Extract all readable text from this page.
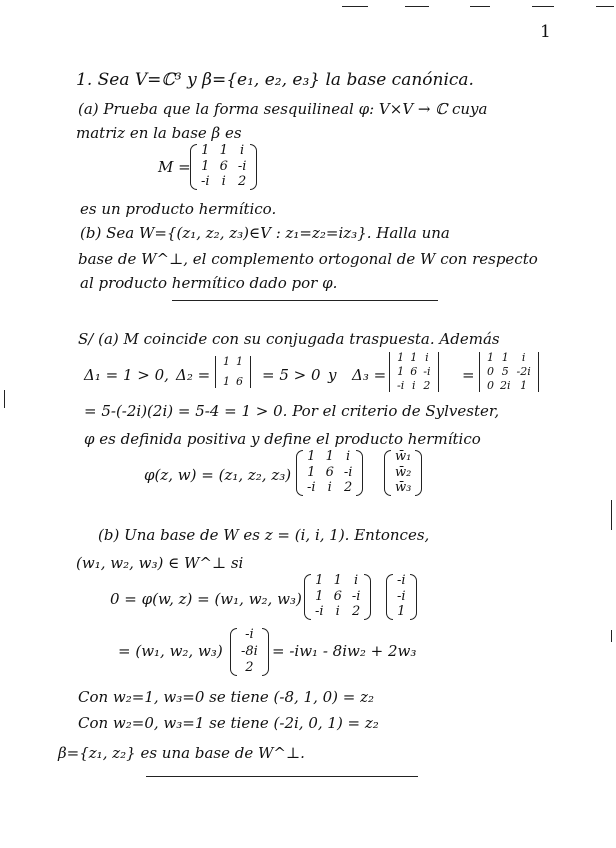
1
1. Sea V=ℂ³ y β={e₁, e₂, e₃} la base canónica.
(a) Prueba que la forma sesquilineal φ: V×V → ℂ cuya
matriz en la base β es
M =
1 1 i
1 6 -i
-i i 2
es un producto hermítico.
(b) Sea W={(z₁, z₂, z₃)∈V : z₁=z₂=iz₃}. Halla una
base de W^⊥, el complemento ortogonal de W con respecto
al producto hermítico dado por φ.
S/ (a) M coincide con su conjugada traspuesta. Además
Δ₁ = 1 > 0, Δ₂ =
1 1
1 6 = 5 > 0 y Δ₃ =
1 1 i
1 6 -i
-i i 2
=
1 1	i
0 5 -2i
0 2i 1
= 5-(-2i)(2i) = 5-4 = 1 > 0. Por el criterio de Sylvester,
φ es definida positiva y define el producto hermítico
φ(z, w) = (z₁, z₂, z₃)
1 1 i
1 6 -i
-i i 2
w̄₁
w̄₂
w̄₃
(b) Una base de W es z = (i, i, 1). Entonces,
(w₁, w₂, w₃) ∈ W^⊥ si
0 = φ(w, z) = (w₁, w₂, w₃)
1 1 i
1 6 -i
-i i 2
-i
-i
1
= (w₁, w₂, w₃)
-i
-8i
2
= -iw₁ - 8iw₂ + 2w₃
Con w₂=1, w₃=0 se tiene (-8, 1, 0) = z₂
Con w₂=0, w₃=1 se tiene (-2i, 0, 1) = z₂
β={z₁, z₂} es una base de W^⊥.
